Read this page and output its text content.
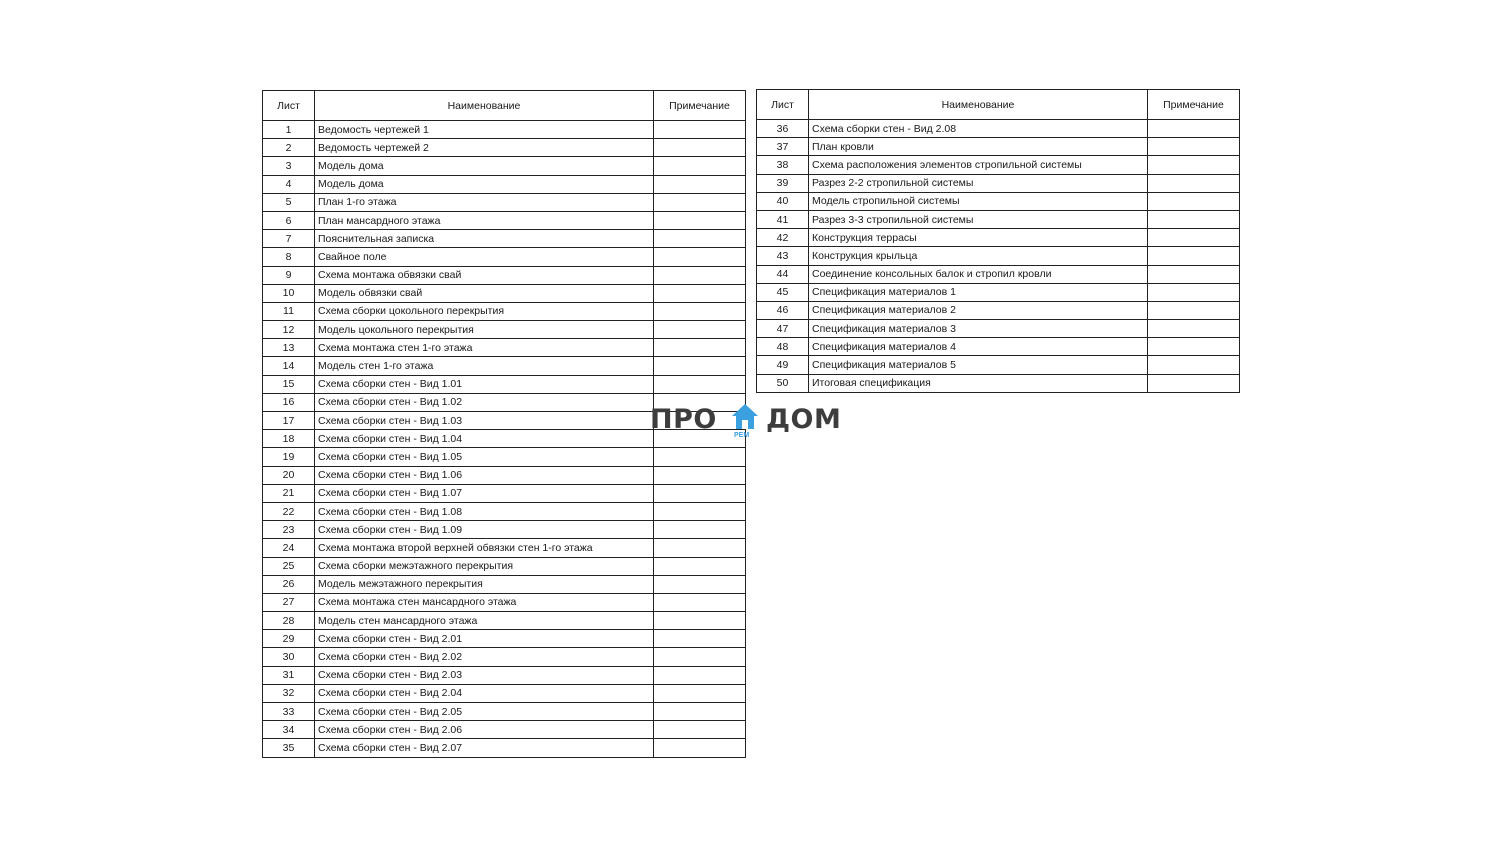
Лист	Наименование	Примечание
1	Ведомость чертежей 1	
2	Ведомость чертежей 2	
3	Модель дома	
4	Модель дома	
5	План 1-го этажа	
6	План мансардного этажа	
7	Пояснительная записка	
8	Свайное поле	
9	Схема монтажа обвязки свай	
10	Модель обвязки свай	
11	Схема сборки цокольного перекрытия	
12	Модель цокольного перекрытия	
13	Схема монтажа стен 1-го этажа	
14	Модель стен 1-го этажа	
15	Схема сборки стен - Вид 1.01	
16	Схема сборки стен - Вид 1.02	
17	Схема сборки стен - Вид 1.03	
18	Схема сборки стен - Вид 1.04	
19	Схема сборки стен - Вид 1.05	
20	Схема сборки стен - Вид 1.06	
21	Схема сборки стен - Вид 1.07	
22	Схема сборки стен - Вид 1.08	
23	Схема сборки стен - Вид 1.09	
24	Схема монтажа второй верхней обвязки стен 1-го этажа	
25	Схема сборки межэтажного перекрытия	
26	Модель межэтажного перекрытия	
27	Схема монтажа стен мансардного этажа	
28	Модель стен мансардного этажа	
29	Схема сборки стен - Вид 2.01	
30	Схема сборки стен - Вид 2.02	
31	Схема сборки стен - Вид 2.03	
32	Схема сборки стен - Вид 2.04	
33	Схема сборки стен - Вид 2.05	
34	Схема сборки стен - Вид 2.06	
35	Схема сборки стен - Вид 2.07	
Лист	Наименование	Примечание
36	Схема сборки стен - Вид 2.08	
37	План кровли	
38	Схема расположения элементов стропильной системы	
39	Разрез 2-2 стропильной системы	
40	Модель стропильной системы	
41	Разрез 3-3 стропильной системы	
42	Конструкция террасы	
43	Конструкция крыльца	
44	Соединение консольных балок и стропил кровли	
45	Спецификация материалов 1	
46	Спецификация материалов 2	
47	Спецификация материалов 3	
48	Спецификация материалов 4	
49	Спецификация материалов 5	
50	Итоговая спецификация	
ПРО
РЕМ
ДОМ
